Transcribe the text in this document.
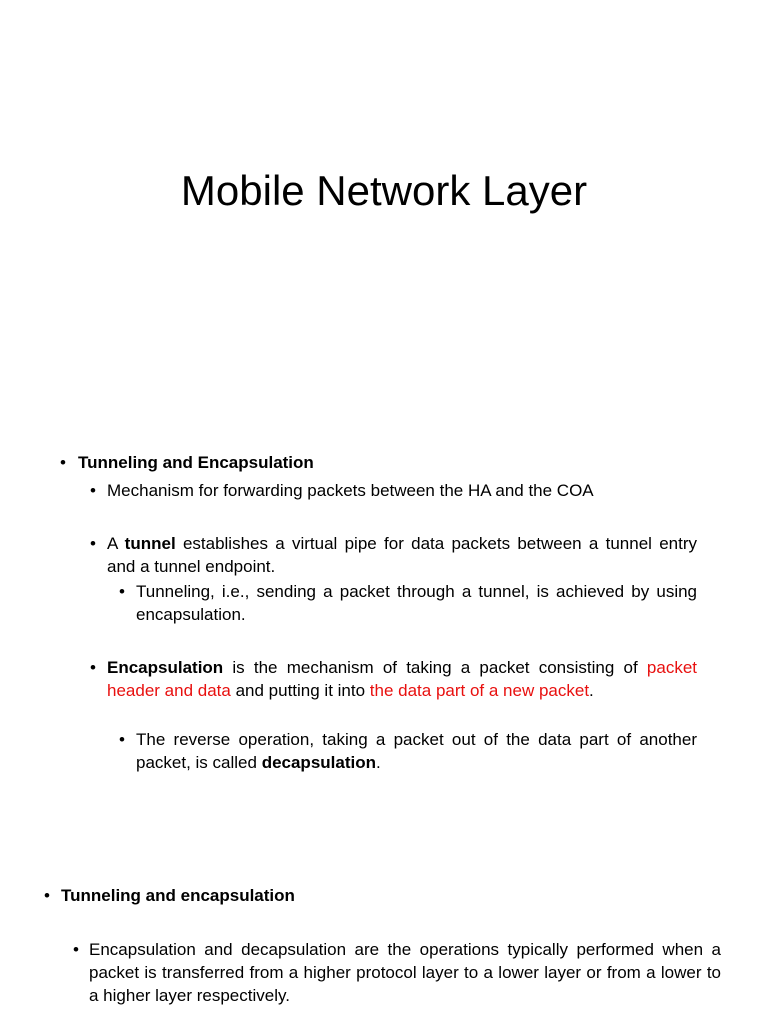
Mobile Network Layer
• Tunneling and Encapsulation
• Mechanism for forwarding packets between the HA and the COA
• A tunnel establishes a virtual pipe for data packets between a tunnel entry and a tunnel endpoint.
• Tunneling, i.e., sending a packet through a tunnel, is achieved by using encapsulation.
• Encapsulation is the mechanism of taking a packet consisting of packet header and data and putting it into the data part of a new packet.
• The reverse operation, taking a packet out of the data part of another packet, is called decapsulation.
• Tunneling and encapsulation
• Encapsulation and decapsulation are the operations typically performed when a packet is transferred from a higher protocol layer to a lower layer or from a lower to a higher layer respectively.
